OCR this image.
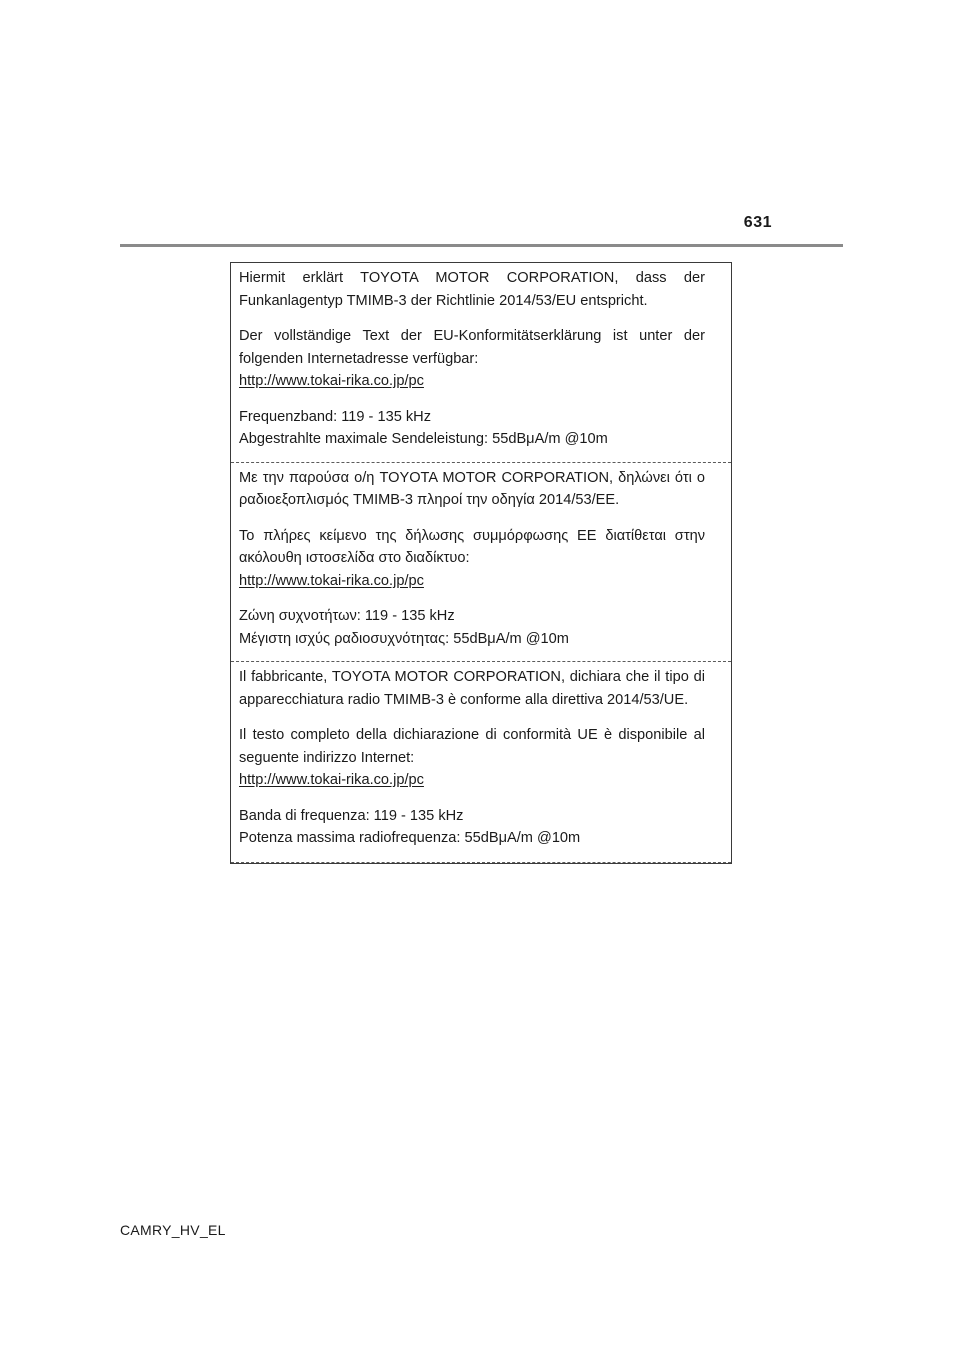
631

Hiermit erklärt TOYOTA MOTOR CORPORATION, dass der Funkanlagentyp TMIMB-3 der Richtlinie 2014/53/EU entspricht.

Der vollständige Text der EU-Konformitätserklärung ist unter der folgenden Internetadresse verfügbar:
http://www.tokai-rika.co.jp/pc

Frequenzband: 119 - 135 kHz
Abgestrahlte maximale Sendeleistung: 55dBμA/m @10m

Με την παρούσα ο/η TOYOTA MOTOR CORPORATION, δηλώνει ότι ο ραδιοεξοπλισμός TMIMB-3 πληροί την οδηγία 2014/53/ΕΕ.

Το πλήρες κείμενο της δήλωσης συμμόρφωσης ΕΕ διατίθεται στην ακόλουθη ιστοσελίδα στο διαδίκτυο:
http://www.tokai-rika.co.jp/pc

Ζώνη συχνοτήτων: 119 - 135 kHz
Μέγιστη ισχύς ραδιοσυχνότητας: 55dBμA/m @10m

Il fabbricante, TOYOTA MOTOR CORPORATION, dichiara che il tipo di apparecchiatura radio TMIMB-3 è conforme alla direttiva 2014/53/UE.

Il testo completo della dichiarazione di conformità UE è disponibile al seguente indirizzo Internet:
http://www.tokai-rika.co.jp/pc

Banda di frequenza: 119 - 135 kHz
Potenza massima radiofrequenza: 55dBμA/m @10m

CAMRY_HV_EL
